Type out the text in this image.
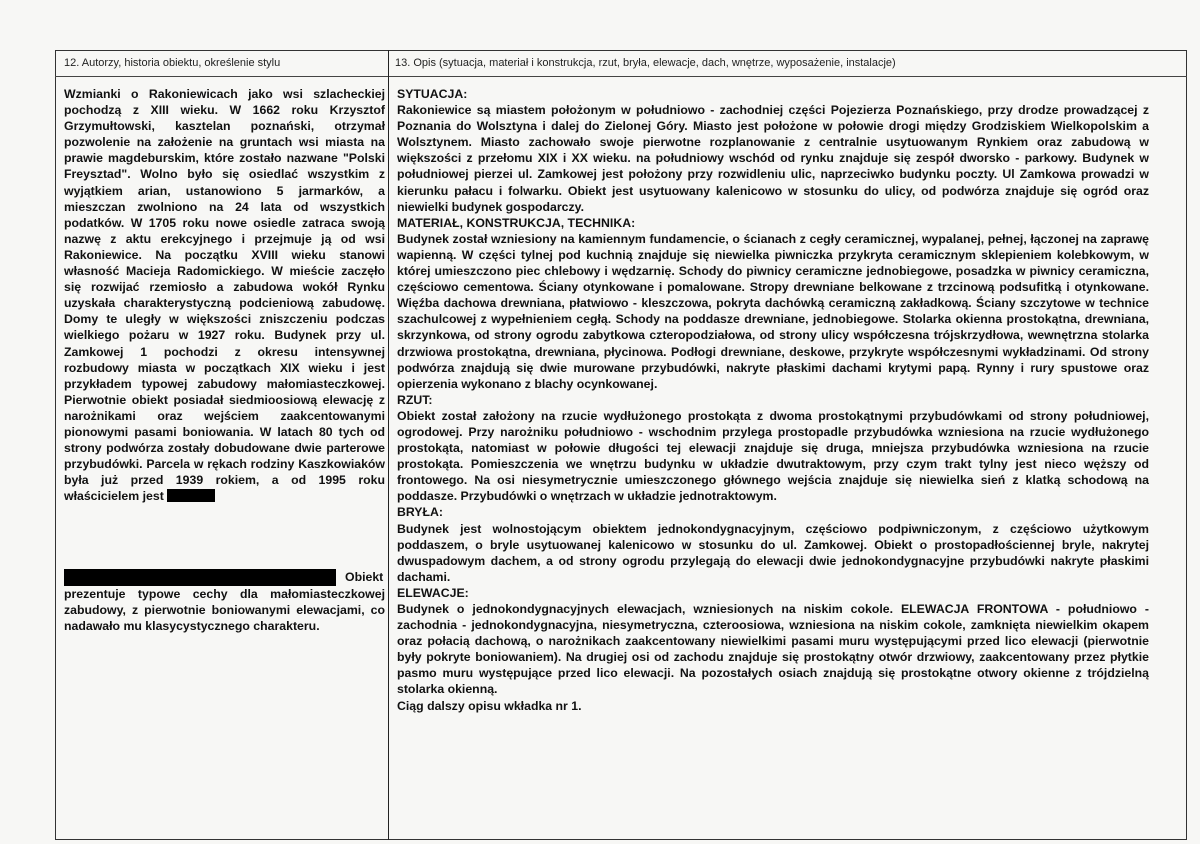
12. Autorzy, historia obiektu, określenie stylu	13. Opis (sytuacja, materiał i konstrukcja, rzut, bryła, elewacje, dach, wnętrze, wyposażenie, instalacje)

Wzmianki o Rakoniewicach jako wsi szlacheckiej pochodzą z XIII wieku. W 1662 roku Krzysztof Grzymułtowski, kasztelan poznański, otrzymał pozwolenie na założenie na gruntach wsi miasta na prawie magdeburskim, które zostało nazwane "Polski Freysztad". Wolno było się osiedlać wszystkim z wyjątkiem arian, ustanowiono 5 jarmarków, a mieszczan zwolniono na 24 lata od wszystkich podatków. W 1705 roku nowe osiedle zatraca swoją nazwę z aktu erekcyjnego i przejmuje ją od wsi Rakoniewice. Na początku XVIII wieku stanowi własność Macieja Radomickiego. W mieście zaczęło się rozwijać rzemiosło a zabudowa wokół Rynku uzyskała charakterystyczną podcieniową zabudowę. Domy te uległy w większości zniszczeniu podczas wielkiego pożaru w 1927 roku. Budynek przy ul. Zamkowej 1 pochodzi z okresu intensywnej rozbudowy miasta w początkach XIX wieku i jest przykładem typowej zabudowy małomiasteczkowej. Pierwotnie obiekt posiadał siedmioosiową elewację z narożnikami oraz wejściem zaakcentowanymi pionowymi pasami boniowania. W latach 80 tych od strony podwórza zostały dobudowane dwie parterowe przybudówki. Parcela w rękach rodziny Kaszkowiaków była już przed 1939 rokiem, a od 1995 roku właścicielem jest

Obiekt

prezentuje typowe cechy dla małomiasteczkowej zabudowy, z pierwotnie boniowanymi elewacjami, co nadawało mu klasycystycznego charakteru.

SYTUACJA:

Rakoniewice są miastem położonym w południowo - zachodniej części Pojezierza Poznańskiego, przy drodze prowadzącej z Poznania do Wolsztyna i dalej do Zielonej Góry. Miasto jest położone w połowie drogi między Grodziskiem Wielkopolskim a Wolsztynem. Miasto zachowało swoje pierwotne rozplanowanie z centralnie usytuowanym Rynkiem oraz zabudową w większości z przełomu XIX i XX wieku. na południowy wschód od rynku znajduje się zespół dworsko - parkowy. Budynek w południowej pierzei ul. Zamkowej jest położony przy rozwidleniu ulic, naprzeciwko budynku poczty. Ul Zamkowa prowadzi w kierunku pałacu i folwarku. Obiekt jest usytuowany kalenicowo w stosunku do ulicy, od podwórza znajduje się ogród oraz niewielki budynek gospodarczy.

MATERIAŁ, KONSTRUKCJA, TECHNIKA:

Budynek został wzniesiony na kamiennym fundamencie, o ścianach z cegły ceramicznej, wypalanej, pełnej, łączonej na zaprawę wapienną. W części tylnej pod kuchnią znajduje się niewielka piwniczka przykryta ceramicznym sklepieniem kolebkowym, w której umieszczono piec chlebowy i wędzarnię. Schody do piwnicy ceramiczne jednobiegowe, posadzka w piwnicy ceramiczna, częściowo cementowa. Ściany otynkowane i pomalowane. Stropy drewniane belkowane z trzcinową podsufitką i otynkowane. Więźba dachowa drewniana, płatwiowo - kleszczowa, pokryta dachówką ceramiczną zakładkową. Ściany szczytowe w technice szachulcowej z wypełnieniem cegłą. Schody na poddasze drewniane, jednobiegowe. Stolarka okienna prostokątna, drewniana, skrzynkowa, od strony ogrodu zabytkowa czteropodziałowa, od strony ulicy współczesna trójskrzydłowa, wewnętrzna stolarka drzwiowa prostokątna, drewniana, płycinowa. Podłogi drewniane, deskowe, przykryte współczesnymi wykładzinami. Od strony podwórza znajdują się dwie murowane przybudówki, nakryte płaskimi dachami krytymi papą. Rynny i rury spustowe oraz opierzenia wykonano z blachy ocynkowanej.

RZUT:

Obiekt został założony na rzucie wydłużonego prostokąta z dwoma prostokątnymi przybudówkami od strony południowej, ogrodowej. Przy narożniku południowo - wschodnim przylega prostopadle przybudówka wzniesiona na rzucie wydłużonego prostokąta, natomiast w połowie długości tej elewacji znajduje się druga, mniejsza przybudówka wzniesiona na rzucie prostokąta. Pomieszczenia we wnętrzu budynku w układzie dwutraktowym, przy czym trakt tylny jest nieco węższy od frontowego. Na osi niesymetrycznie umieszczonego głównego wejścia znajduje się niewielka sień z klatką schodową na poddasze. Przybudówki o wnętrzach w układzie jednotraktowym.

BRYŁA:

Budynek jest wolnostojącym obiektem jednokondygnacyjnym, częściowo podpiwniczonym, z częściowo użytkowym poddaszem, o bryle usytuowanej kalenicowo w stosunku do ul. Zamkowej. Obiekt o prostopadłościennej bryle, nakrytej dwuspadowym dachem, a od strony ogrodu przylegają do elewacji dwie jednokondygnacyjne przybudówki nakryte płaskimi dachami.

ELEWACJE:

Budynek o jednokondygnacyjnych elewacjach, wzniesionych na niskim cokole. ELEWACJA FRONTOWA - południowo - zachodnia - jednokondygnacyjna, niesymetryczna, czteroosiowa, wzniesiona na niskim cokole, zamknięta niewielkim okapem oraz połacią dachową, o narożnikach zaakcentowany niewielkimi pasami muru występującymi przed lico elewacji (pierwotnie były pokryte boniowaniem). Na drugiej osi od zachodu znajduje się prostokątny otwór drzwiowy, zaakcentowany przez płytkie pasmo muru występujące przed lico elewacji. Na pozostałych osiach znajdują się prostokątne otwory okienne z trójdzielną stolarka okienną.

Ciąg dalszy opisu wkładka nr 1.
